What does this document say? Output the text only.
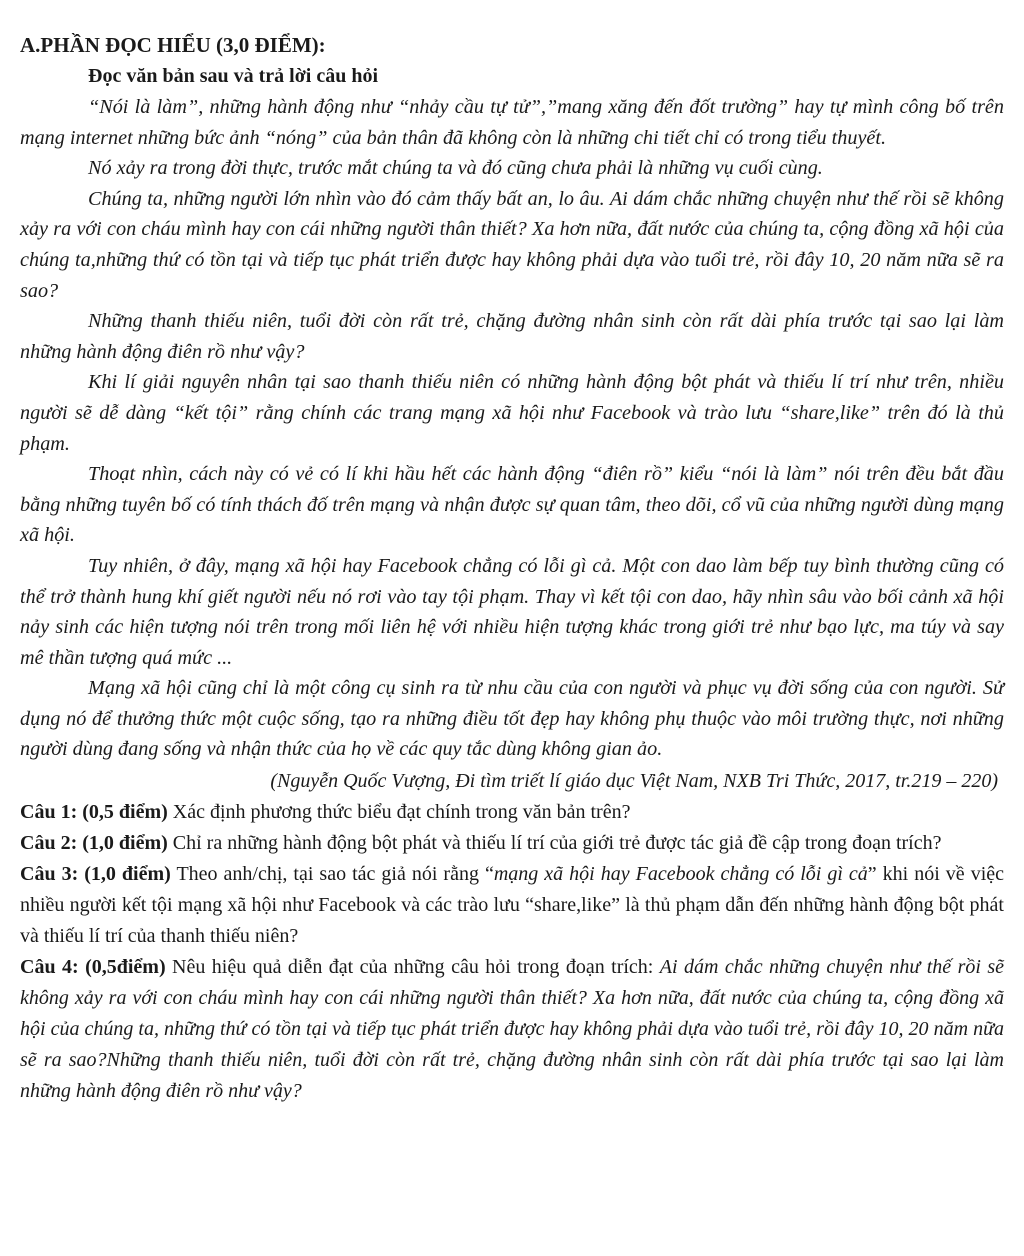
A.PHẦN ĐỌC HIỂU (3,0 ĐIỂM):

Đọc văn bản sau và trả lời câu hỏi

“Nói là làm”, những hành động như “nhảy cầu tự tử”,”mang xăng đến đốt trường” hay tự mình công bố trên mạng internet những bức ảnh “nóng” của bản thân đã không còn là những chi tiết chỉ có trong tiểu thuyết.

Nó xảy ra trong đời thực, trước mắt chúng ta và đó cũng chưa phải là những vụ cuối cùng.

Chúng ta, những người lớn nhìn vào đó cảm thấy bất an, lo âu. Ai dám chắc những chuyện như thế rồi sẽ không xảy ra với con cháu mình hay con cái những người thân thiết? Xa hơn nữa, đất nước của chúng ta, cộng đồng xã hội của chúng ta,những thứ có tồn tại và tiếp tục phát triển được hay không phải dựa vào tuổi trẻ, rồi đây 10, 20 năm nữa sẽ ra sao?

Những thanh thiếu niên, tuổi đời còn rất trẻ, chặng đường nhân sinh còn rất dài phía trước tại sao lại làm những hành động điên rồ như vậy?

Khi lí giải nguyên nhân tại sao thanh thiếu niên có những hành động bột phát và thiếu lí trí như trên, nhiều người sẽ dễ dàng “kết tội” rằng chính các trang mạng xã hội như Facebook và trào lưu “share,like” trên đó là thủ phạm.

Thoạt nhìn, cách này có vẻ có lí khi hầu hết các hành động “điên rồ” kiểu “nói là làm” nói trên đều bắt đầu bằng những tuyên bố có tính thách đố trên mạng và nhận được sự quan tâm, theo dõi, cổ vũ của những người dùng mạng xã hội.

Tuy nhiên, ở đây, mạng xã hội hay Facebook chẳng có lỗi gì cả. Một con dao làm bếp tuy bình thường cũng có thể trở thành hung khí giết người nếu nó rơi vào tay tội phạm. Thay vì kết tội con dao, hãy nhìn sâu vào bối cảnh xã hội nảy sinh các hiện tượng nói trên trong mối liên hệ với nhiều hiện tượng khác trong giới trẻ như bạo lực, ma túy và say mê thần tượng quá mức ...

Mạng xã hội cũng chỉ là một công cụ sinh ra từ nhu cầu của con người và phục vụ đời sống của con người. Sử dụng nó để thưởng thức một cuộc sống, tạo ra những điều tốt đẹp hay không phụ thuộc vào môi trường thực, nơi những người dùng đang sống và nhận thức của họ về các quy tắc dùng không gian ảo.

(Nguyễn Quốc Vượng, Đi tìm triết lí giáo dục Việt Nam, NXB Tri Thức, 2017, tr.219 – 220)

Câu 1: (0,5 điểm) Xác định phương thức biểu đạt chính trong văn bản trên?

Câu 2: (1,0 điểm) Chỉ ra những hành động bột phát và thiếu lí trí của giới trẻ được tác giả đề cập trong đoạn trích?

Câu 3: (1,0 điểm) Theo anh/chị, tại sao tác giả nói rằng “mạng xã hội hay Facebook chẳng có lỗi gì cả” khi nói về việc nhiều người kết tội mạng xã hội như Facebook và các trào lưu “share,like” là thủ phạm dẫn đến những hành động bột phát và thiếu lí trí của thanh thiếu niên?

Câu 4: (0,5điểm) Nêu hiệu quả diễn đạt của những câu hỏi trong đoạn trích: Ai dám chắc những chuyện như thế rồi sẽ không xảy ra với con cháu mình hay con cái những người thân thiết? Xa hơn nữa, đất nước của chúng ta, cộng đồng xã hội của chúng ta, những thứ có tồn tại và tiếp tục phát triển được hay không phải dựa vào tuổi trẻ, rồi đây 10, 20 năm nữa sẽ ra sao?Những thanh thiếu niên, tuổi đời còn rất trẻ, chặng đường nhân sinh còn rất dài phía trước tại sao lại làm những hành động điên rồ như vậy?
